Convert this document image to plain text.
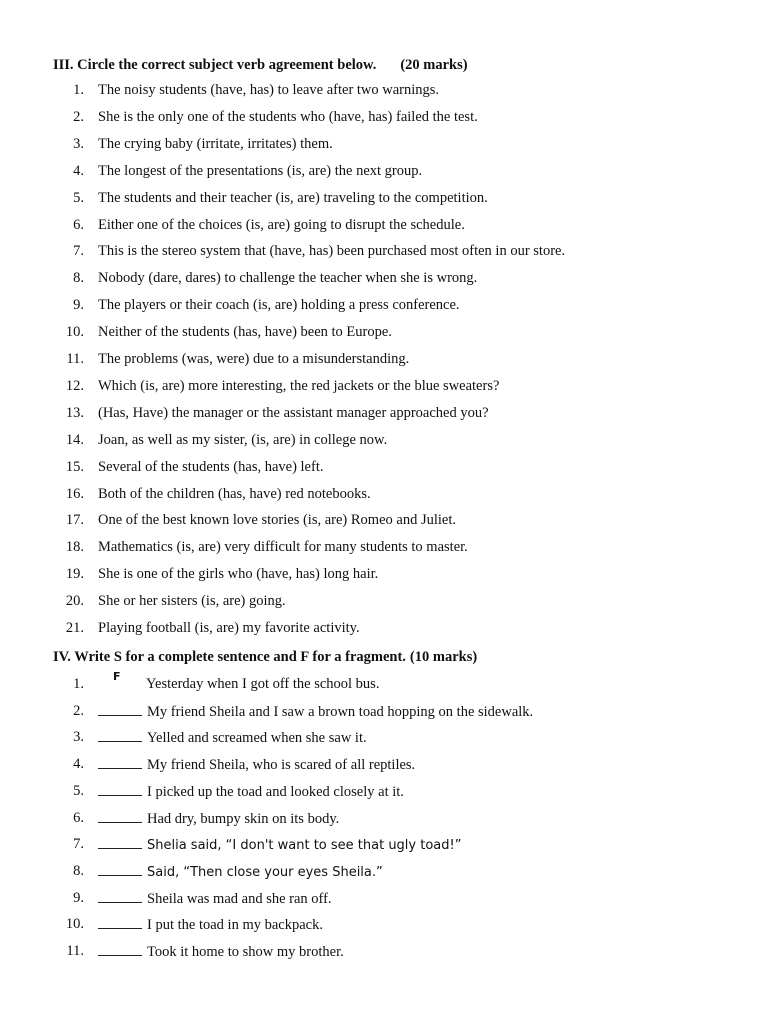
III. Circle the correct subject verb agreement below. (20 marks)
1. The noisy students (have, has) to leave after two warnings.
2. She is the only one of the students who (have, has) failed the test.
3. The crying baby (irritate, irritates) them.
4. The longest of the presentations (is, are) the next group.
5. The students and their teacher (is, are) traveling to the competition.
6. Either one of the choices (is, are) going to disrupt the schedule.
7. This is the stereo system that (have, has) been purchased most often in our store.
8. Nobody (dare, dares) to challenge the teacher when she is wrong.
9. The players or their coach (is, are) holding a press conference.
10. Neither of the students (has, have) been to Europe.
11. The problems (was, were) due to a misunderstanding.
12. Which (is, are) more interesting, the red jackets or the blue sweaters?
13. (Has, Have) the manager or the assistant manager approached you?
14. Joan, as well as my sister, (is, are) in college now.
15. Several of the students (has, have) left.
16. Both of the children (has, have) red notebooks.
17. One of the best known love stories (is, are) Romeo and Juliet.
18. Mathematics (is, are) very difficult for many students to master.
19. She is one of the girls who (have, has) long hair.
20. She or her sisters (is, are) going.
21. Playing football (is, are) my favorite activity.
IV. Write S for a complete sentence and F for a fragment. (10 marks)
F
1.	Yesterday when I got off the school bus.
2.	My friend Sheila and I saw a brown toad hopping on the sidewalk.
3.	Yelled and screamed when she saw it.
4.	My friend Sheila, who is scared of all reptiles.
5.	I picked up the toad and looked closely at it.
6.	Had dry, bumpy skin on its body.
7.	Shelia said, “I don't want to see that ugly toad!”
8.	Said, “Then close your eyes Sheila.”
9.	Sheila was mad and she ran off.
10.	I put the toad in my backpack.
11.	Took it home to show my brother.
